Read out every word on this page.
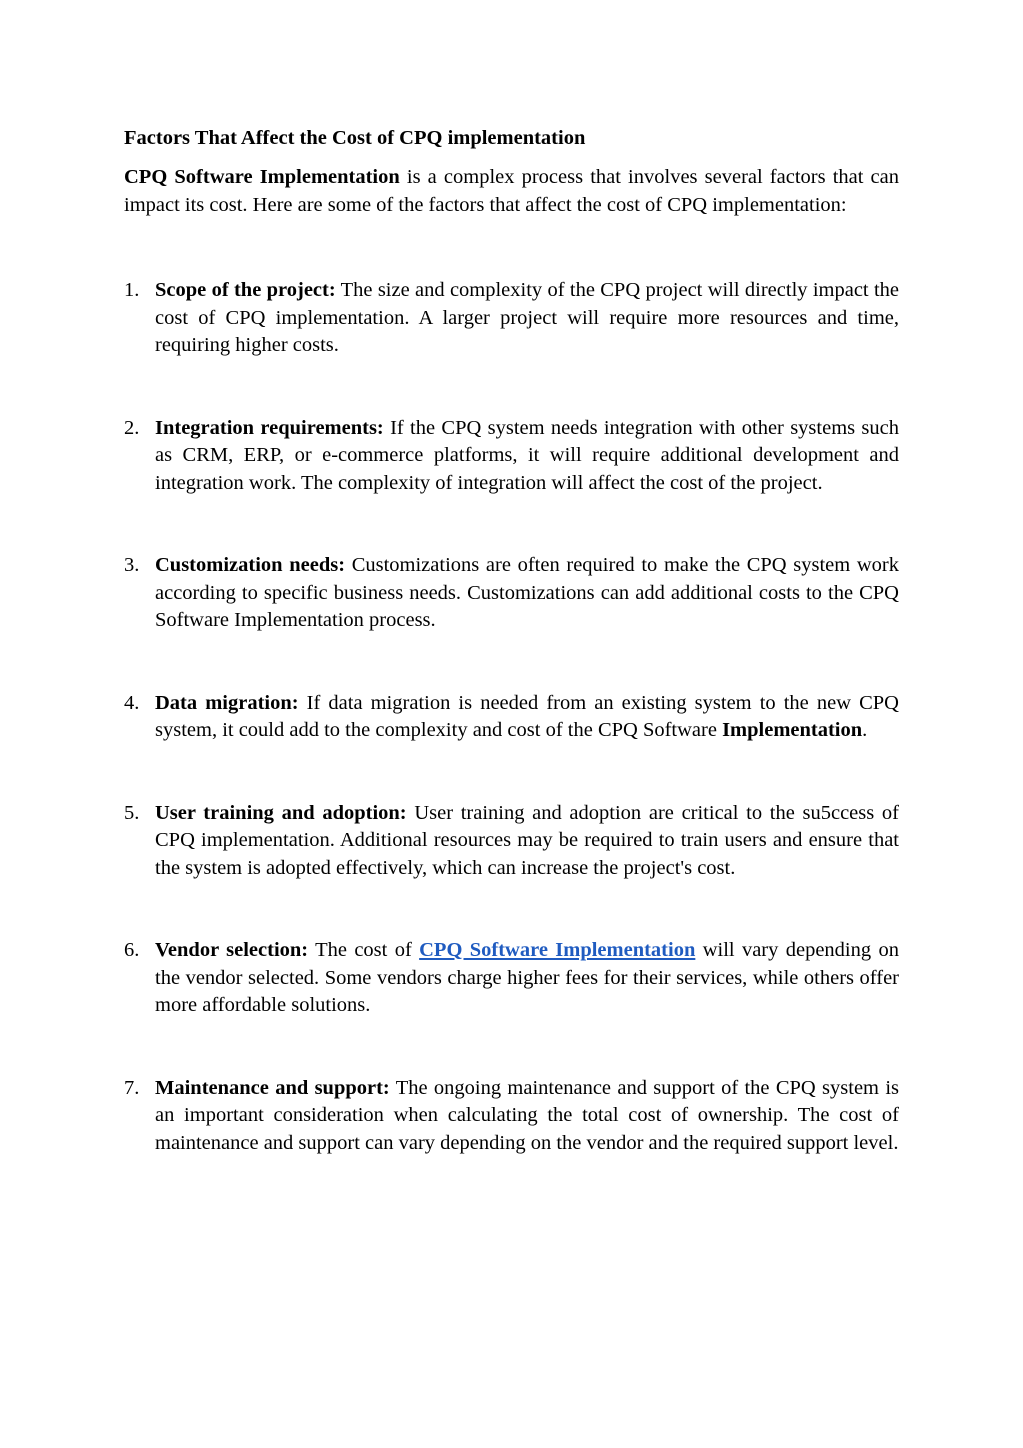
Factors That Affect the Cost of CPQ implementation

CPQ Software Implementation is a complex process that involves several factors that can impact its cost. Here are some of the factors that affect the cost of CPQ implementation:

1. Scope of the project: The size and complexity of the CPQ project will directly impact the cost of CPQ implementation. A larger project will require more resources and time, requiring higher costs.
2. Integration requirements: If the CPQ system needs integration with other systems such as CRM, ERP, or e-commerce platforms, it will require additional development and integration work. The complexity of integration will affect the cost of the project.
3. Customization needs: Customizations are often required to make the CPQ system work according to specific business needs. Customizations can add additional costs to the CPQ Software Implementation process.
4. Data migration: If data migration is needed from an existing system to the new CPQ system, it could add to the complexity and cost of the CPQ Software Implementation.
5. User training and adoption: User training and adoption are critical to the su5ccess of CPQ implementation. Additional resources may be required to train users and ensure that the system is adopted effectively, which can increase the project's cost.
6. Vendor selection: The cost of CPQ Software Implementation will vary depending on the vendor selected. Some vendors charge higher fees for their services, while others offer more affordable solutions.
7. Maintenance and support: The ongoing maintenance and support of the CPQ system is an important consideration when calculating the total cost of ownership. The cost of maintenance and support can vary depending on the vendor and the required support level.
